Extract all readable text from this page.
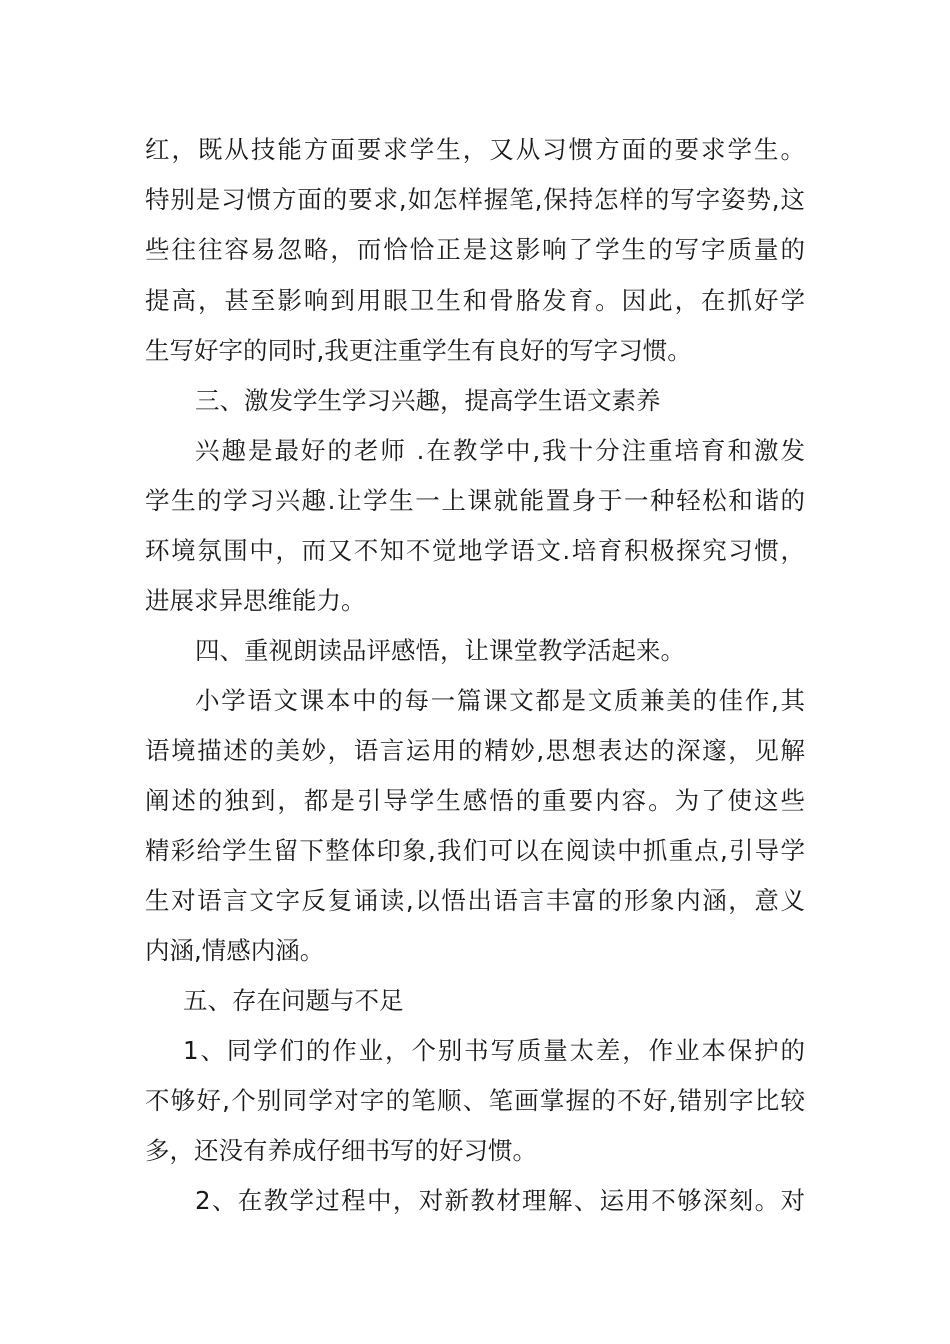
红，既从技能方面要求学生，又从习惯方面的要求学生。
特别是习惯方面的要求,如怎样握笔,保持怎样的写字姿势,这
些往往容易忽略，而恰恰正是这影响了学生的写字质量的
提高，甚至影响到用眼卫生和骨胳发育。因此，在抓好学
生写好字的同时,我更注重学生有良好的写字习惯。
三、激发学生学习兴趣，提高学生语文素养
兴趣是最好的老师 .在教学中,我十分注重培育和激发
学生的学习兴趣.让学生一上课就能置身于一种轻松和谐的
环境氛围中，而又不知不觉地学语文.培育积极探究习惯，
进展求异思维能力。
四、重视朗读品评感悟，让课堂教学活起来。
小学语文课本中的每一篇课文都是文质兼美的佳作,其
语境描述的美妙，语言运用的精妙,思想表达的深邃，见解
阐述的独到，都是引导学生感悟的重要内容。为了使这些
精彩给学生留下整体印象,我们可以在阅读中抓重点,引导学
生对语言文字反复诵读,以悟出语言丰富的形象内涵，意义
内涵,情感内涵。
五、存在问题与不足
1、同学们的作业，个别书写质量太差，作业本保护的
不够好,个别同学对字的笔顺、笔画掌握的不好,错别字比较
多，还没有养成仔细书写的好习惯。
2、在教学过程中，对新教材理解、运用不够深刻。对
